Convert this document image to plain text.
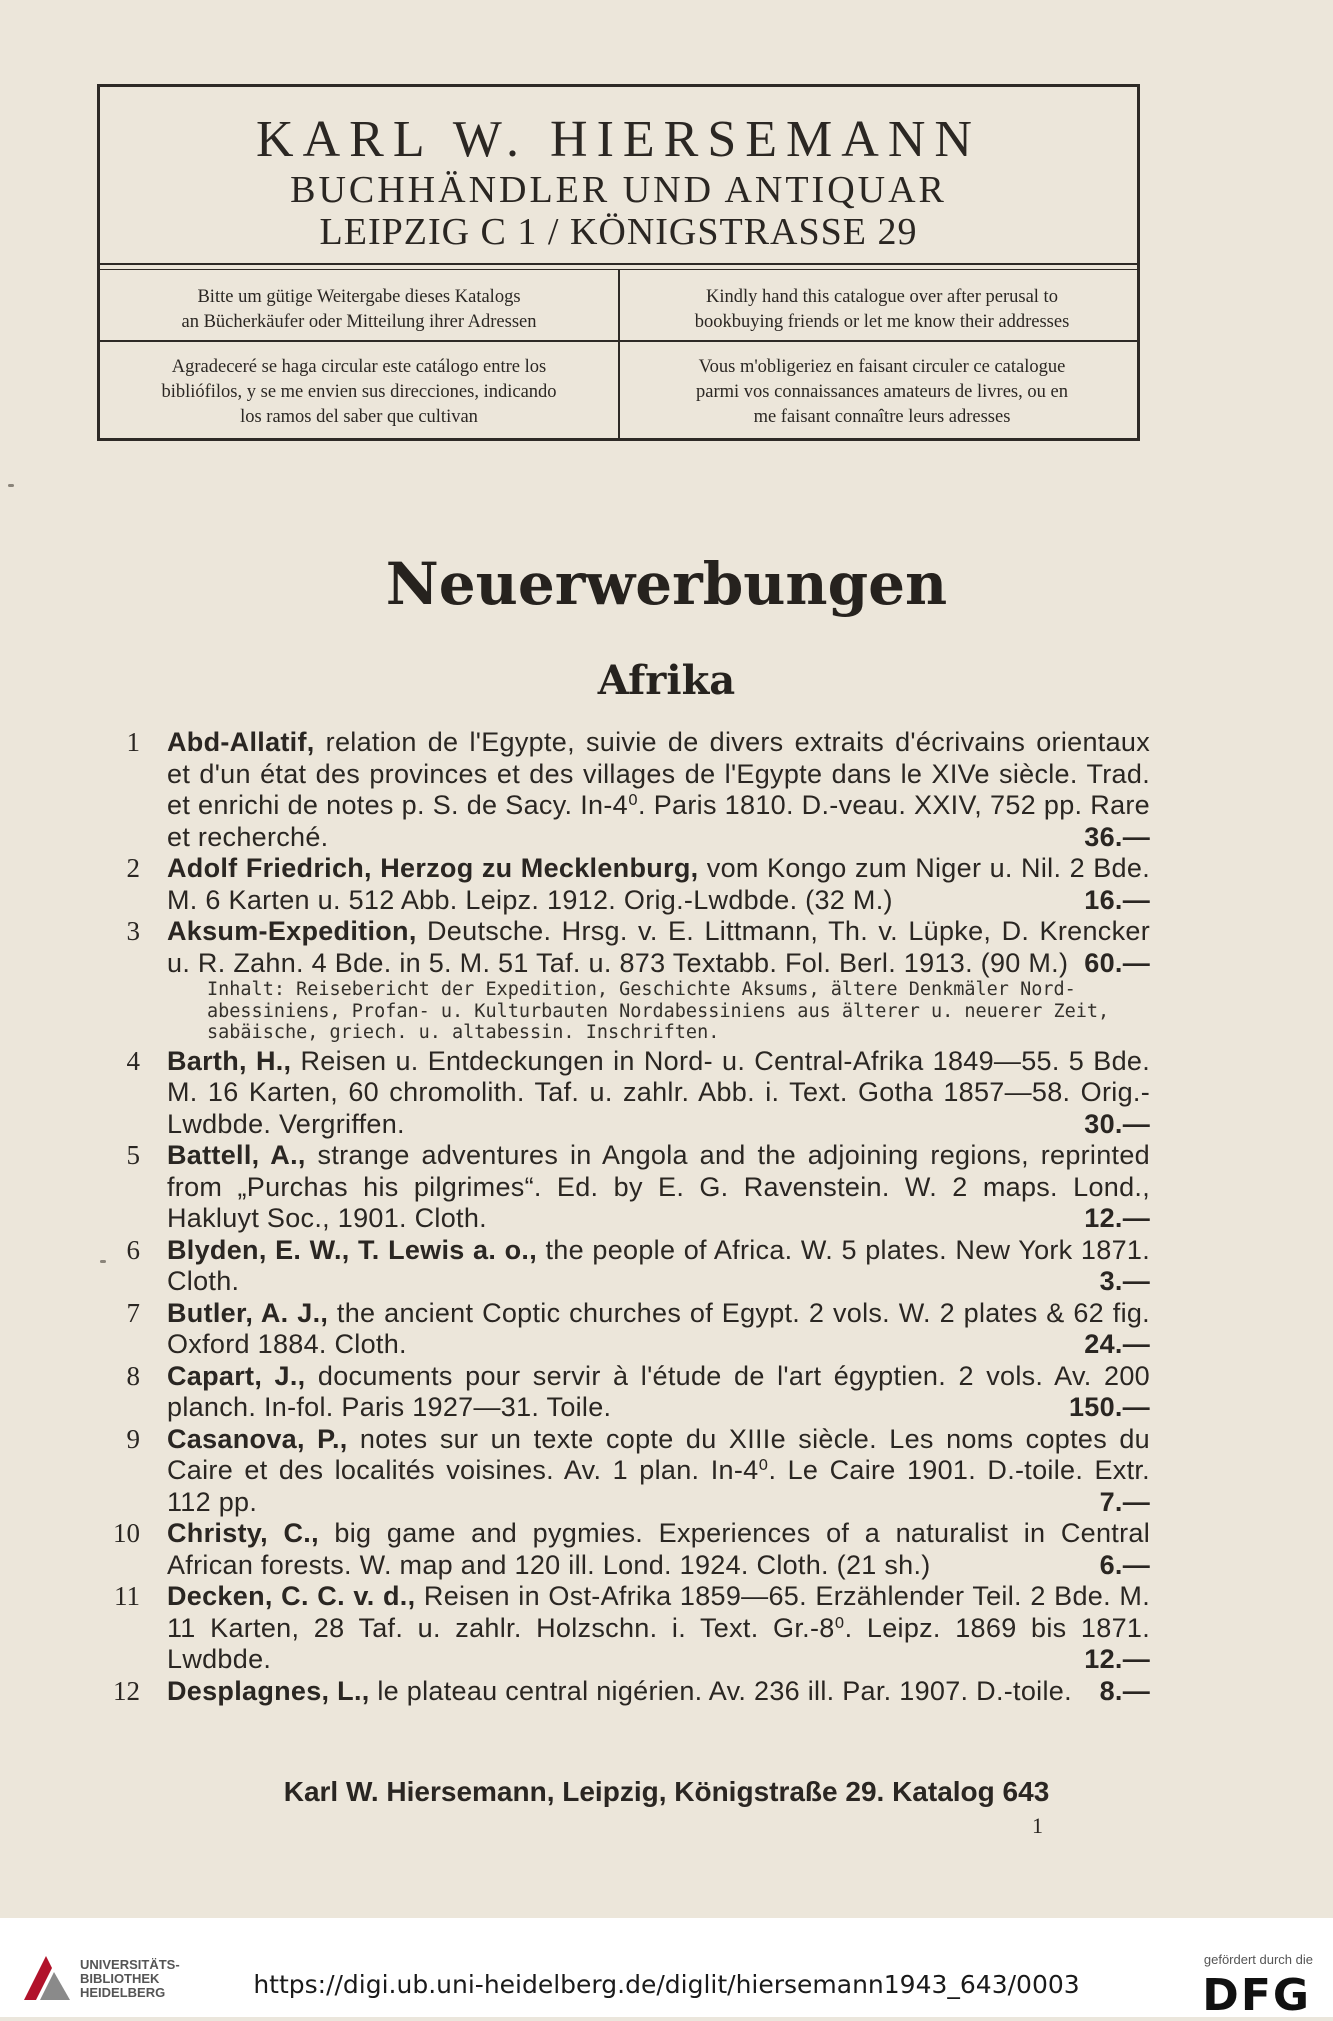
KARL W. HIERSEMANN
BUCHHÄNDLER UND ANTIQUAR
LEIPZIG C 1 / KÖNIGSTRASSE 29
Bitte um gütige Weitergabe dieses Katalogs
an Bücherkäufer oder Mitteilung ihrer Adressen
Kindly hand this catalogue over after perusal to
bookbuying friends or let me know their addresses
Agradeceré se haga circular este catálogo entre los
bibliófilos, y se me envien sus direcciones, indicando
los ramos del saber que cultivan
Vous m'obligeriez en faisant circuler ce catalogue
parmi vos connaissances amateurs de livres, ou en
me faisant connaître leurs adresses
Neuerwerbungen
Afrika
1 Abd-Allatif, relation de l'Egypte, suivie de divers extraits d'écrivains orientaux et d'un état des provinces et des villages de l'Egypte dans le XIVe siècle. Trad. et enrichi de notes p. S. de Sacy. In-4⁰. Paris 1810. D.-veau. XXIV, 752 pp. Rare et recherché.	36.—
2 Adolf Friedrich, Herzog zu Mecklenburg, vom Kongo zum Niger u. Nil. 2 Bde. M. 6 Karten u. 512 Abb. Leipz. 1912. Orig.-Lwdbde. (32 M.)	16.—
3 Aksum-Expedition, Deutsche. Hrsg. v. E. Littmann, Th. v. Lüpke, D. Krencker u. R. Zahn. 4 Bde. in 5. M. 51 Taf. u. 873 Textabb. Fol. Berl. 1913. (90 M.) 60.—
Inhalt: Reisebericht der Expedition, Geschichte Aksums, ältere Denkmäler Nord-
abessiniens, Profan- u. Kulturbauten Nordabessiniens aus älterer u. neuerer Zeit,
sabäische, griech. u. altabessin. Inschriften.
4 Barth, H., Reisen u. Entdeckungen in Nord- u. Central-Afrika 1849—55. 5 Bde. M. 16 Karten, 60 chromolith. Taf. u. zahlr. Abb. i. Text. Gotha 1857—58. Orig.-Lwdbde. Vergriffen.	30.—
5 Battell, A., strange adventures in Angola and the adjoining regions, reprinted from „Purchas his pilgrimes“. Ed. by E. G. Ravenstein. W. 2 maps. Lond., Hakluyt Soc., 1901. Cloth.	12.—
6 Blyden, E. W., T. Lewis a. o., the people of Africa. W. 5 plates. New York 1871. Cloth.	3.—
7 Butler, A. J., the ancient Coptic churches of Egypt. 2 vols. W. 2 plates & 62 fig. Oxford 1884. Cloth.	24.—
8 Capart, J., documents pour servir à l'étude de l'art égyptien. 2 vols. Av. 200 planch. In-fol. Paris 1927—31. Toile.	150.—
9 Casanova, P., notes sur un texte copte du XIIIe siècle. Les noms coptes du Caire et des localités voisines. Av. 1 plan. In-4⁰. Le Caire 1901. D.-toile. Extr. 112 pp.	7.—
10 Christy, C., big game and pygmies. Experiences of a naturalist in Central African forests. W. map and 120 ill. Lond. 1924. Cloth. (21 sh.)	6.—
11 Decken, C. C. v. d., Reisen in Ost-Afrika 1859—65. Erzählender Teil. 2 Bde. M. 11 Karten, 28 Taf. u. zahlr. Holzschn. i. Text. Gr.-8⁰. Leipz. 1869 bis 1871. Lwdbde.	12.—
12 Desplagnes, L., le plateau central nigérien. Av. 236 ill. Par. 1907. D.-toile. 8.—
Karl W. Hiersemann, Leipzig, Königstraße 29. Katalog 643
1
UNIVERSITÄTS-
BIBLIOTHEK
HEIDELBERG	https://digi.ub.uni-heidelberg.de/diglit/hiersemann1943_643/0003
gefördert durch die
DFG
